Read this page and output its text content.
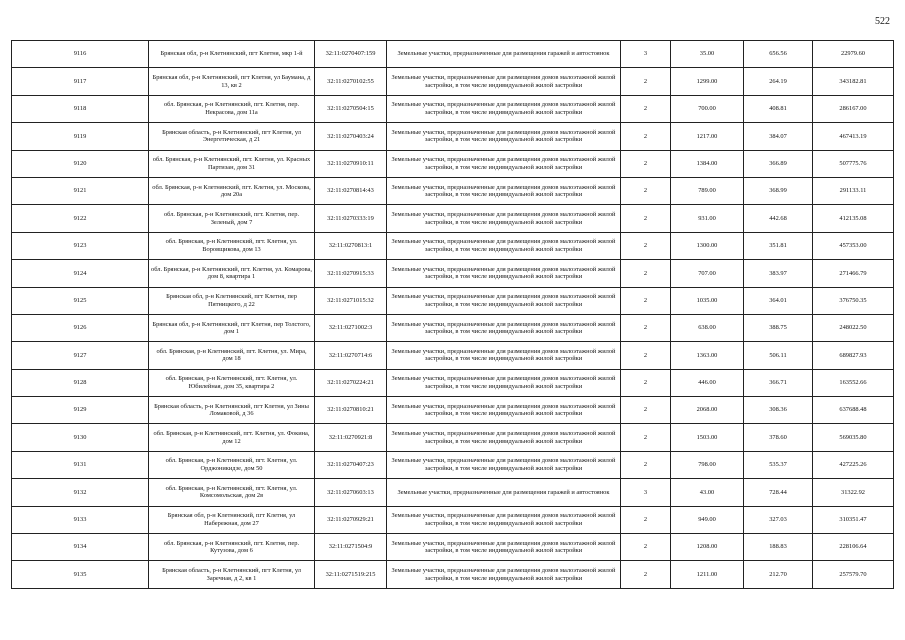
522
9116	Брянская обл, р-н Клетнянский, пгт Клетня, мкр 1-й	32:11:0270407:159	Земельные участки, предназначенные для размещения гаражей и автостоянок	3	35.00	656.56	22979.60
9117	Брянская обл, р-н Клетнянский, пгт Клетня, ул Баумана, д 13, кв 2	32:11:0270102:55	Земельные участки, предназначенные для размещения домов малоэтажной жилой застройки, в том числе индивидуальной жилой застройки	2	1299.00	264.19	343182.81
9118	обл. Брянская, р-н Клетнянский, пгт. Клетня, пер. Некрасова, дом 11а	32:11:0270504:15	Земельные участки, предназначенные для размещения домов малоэтажной жилой застройки, в том числе индивидуальной жилой застройки	2	700.00	408.81	286167.00
9119	Брянская область, р-н Клетнянский, пгт Клетня, ул Энергетическая, д 21	32:11:0270403:24	Земельные участки, предназначенные для размещения домов малоэтажной жилой застройки, в том числе индивидуальной жилой застройки	2	1217.00	384.07	467413.19
9120	обл. Брянская, р-н Клетнянский, пгт. Клетня, ул. Красных Партизан, дом 31	32:11:0270910:11	Земельные участки, предназначенные для размещения домов малоэтажной жилой застройки, в том числе индивидуальной жилой застройки	2	1384.00	366.89	507775.76
9121	обл. Брянская, р-н Клетнянский, пгт. Клетня, ул. Москова, дом 20а	32:11:0270814:43	Земельные участки, предназначенные для размещения домов малоэтажной жилой застройки, в том числе индивидуальной жилой застройки	2	789.00	368.99	291133.11
9122	обл. Брянская, р-н Клетнянский, пгт. Клетня, пер. Зеленый, дом 7	32:11:0270333:19	Земельные участки, предназначенные для размещения домов малоэтажной жилой застройки, в том числе индивидуальной жилой застройки	2	931.00	442.68	412135.08
9123	обл. Брянская, р-н Клетнянский, пгт. Клетня, ул. Воровщикова, дом 13	32:11:0270813:1	Земельные участки, предназначенные для размещения домов малоэтажной жилой застройки, в том числе индивидуальной жилой застройки	2	1300.00	351.81	457353.00
9124	обл. Брянская, р-н Клетнянский, пгт. Клетня, ул. Комарова, дом 8, квартира 1	32:11:0270915:33	Земельные участки, предназначенные для размещения домов малоэтажной жилой застройки, в том числе индивидуальной жилой застройки	2	707.00	383.97	271466.79
9125	Брянская обл, р-н Клетнянский, пгт Клетня, пер Пятницкого, д 22	32:11:0271015:32	Земельные участки, предназначенные для размещения домов малоэтажной жилой застройки, в том числе индивидуальной жилой застройки	2	1035.00	364.01	376750.35
9126	Брянская обл, р-н Клетнянский, пгт Клетня, пер Толстого, дом 1	32:11:0271002:3	Земельные участки, предназначенные для размещения домов малоэтажной жилой застройки, в том числе индивидуальной жилой застройки	2	638.00	388.75	248022.50
9127	обл. Брянская, р-н Клетнянский, пгт. Клетня, ул. Мира, дом 18	32:11:0270714:6	Земельные участки, предназначенные для размещения домов малоэтажной жилой застройки, в том числе индивидуальной жилой застройки	2	1363.00	506.11	689827.93
9128	обл. Брянская, р-н Клетнянский, пгт. Клетня, ул. Юбилейная, дом 35, квартира 2	32:11:0270224:21	Земельные участки, предназначенные для размещения домов малоэтажной жилой застройки, в том числе индивидуальной жилой застройки	2	446.00	366.71	163552.66
9129	Брянская область, р-н Клетнянский, пгт Клетня, ул Зины Ломаковой, д 36	32:11:0270810:21	Земельные участки, предназначенные для размещения домов малоэтажной жилой застройки, в том числе индивидуальной жилой застройки	2	2068.00	308.36	637688.48
9130	обл. Брянская, р-н Клетнянский, пгт. Клетня, ул. Фокина, дом 12	32:11:0270921:8	Земельные участки, предназначенные для размещения домов малоэтажной жилой застройки, в том числе индивидуальной жилой застройки	2	1503.00	378.60	569035.80
9131	обл. Брянская, р-н Клетнянский, пгт. Клетня, ул. Орджоникидзе, дом 50	32:11:0270407:23	Земельные участки, предназначенные для размещения домов малоэтажной жилой застройки, в том числе индивидуальной жилой застройки	2	798.00	535.37	427225.26
9132	обл. Брянская, р-н Клетнянский, пгт. Клетня, ул. Комсомольская, дом 2в	32:11:0270603:13	Земельные участки, предназначенные для размещения гаражей и автостоянок	3	43.00	728.44	31322.92
9133	Брянская обл, р-н Клетнянский, пгт Клетня, ул Набережная, дом 27	32:11:0270929:21	Земельные участки, предназначенные для размещения домов малоэтажной жилой застройки, в том числе индивидуальной жилой застройки	2	949.00	327.03	310351.47
9134	обл. Брянская, р-н Клетнянский, пгт. Клетня, пер. Кутузова, дом 6	32:11:0271504:9	Земельные участки, предназначенные для размещения домов малоэтажной жилой застройки, в том числе индивидуальной жилой застройки	2	1208.00	188.83	228106.64
9135	Брянская область, р-н Клетнянский, пгт Клетня, ул Заречная, д 2, кв 1	32:11:0271519:215	Земельные участки, предназначенные для размещения домов малоэтажной жилой застройки, в том числе индивидуальной жилой застройки	2	1211.00	212.70	257579.70
